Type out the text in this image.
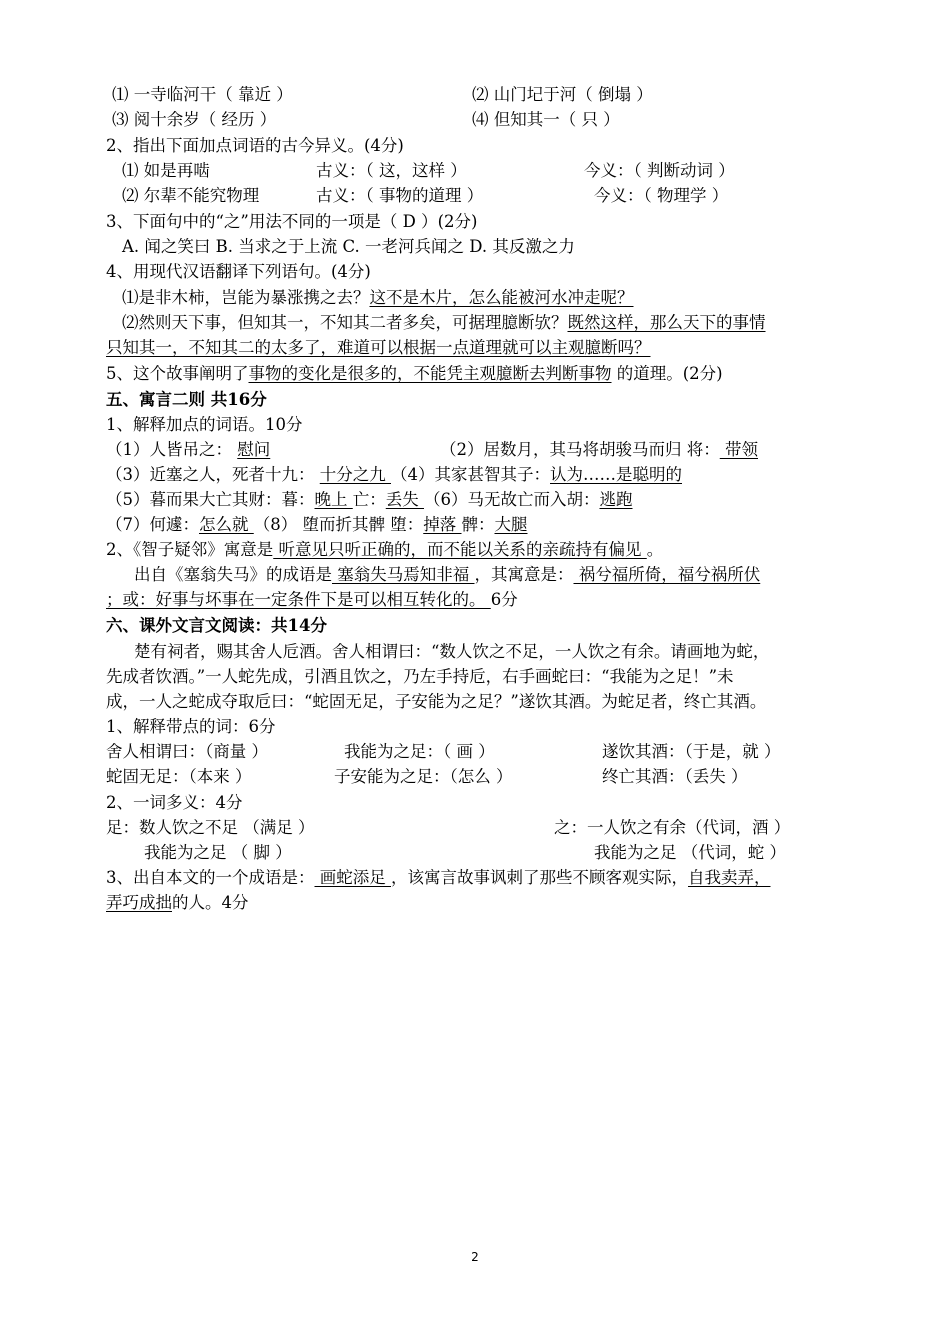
⑴ 一寺临河干（ 靠近 ）	⑵ 山门圮于河（ 倒塌 ）
⑶ 阅十余岁（ 经历 ）	⑷ 但知其一（ 只 ）
2、指出下面加点词语的古今异义。(4分)
⑴ 如是再啮	古义：（ 这，这样 ）	今义：（ 判断动词 ）
⑵ 尔辈不能究物理	古义：（ 事物的道理 ）	今义：（ 物理学 ）
3、下面句中的“之”用法不同的一项是（ D ）(2分)
A. 闻之笑曰 B. 当求之于上流 C. 一老河兵闻之 D. 其反激之力
4、用现代汉语翻译下列语句。(4分)
⑴是非木柿，岂能为暴涨携之去？这不是木片，怎么能被河水冲走呢？
⑵然则天下事，但知其一，不知其二者多矣，可据理臆断欤？既然这样，那么天下的事情
只知其一，不知其二的太多了，难道可以根据一点道理就可以主观臆断吗？
5、这个故事阐明了事物的变化是很多的，不能凭主观臆断去判断事物 的道理。(2分)
五、寓言二则 共16分
1、解释加点的词语。10分
（1）人皆吊之： 慰问	（2）居数月，其马将胡骏马而归 将： 带领
（3）近塞之人，死者十九： 十分之九 （4）其家甚智其子：认为……是聪明的
（5）暮而果大亡其财：暮：晚上 亡：丢失 （6）马无故亡而入胡：逃跑
（7）何遽：怎么就 （8） 堕而折其髀 堕：掉落 髀：大腿
2、《智子疑邻》寓意是 听意见只听正确的，而不能以关系的亲疏持有偏见 。
出自《塞翁失马》的成语是 塞翁失马焉知非福 ，其寓意是： 祸兮福所倚，福兮祸所伏
；或：好事与坏事在一定条件下是可以相互转化的。 6分
六、课外文言文阅读：共14分
楚有祠者，赐其舍人卮酒。舍人相谓曰：“数人饮之不足，一人饮之有余。请画地为蛇，
先成者饮酒。”一人蛇先成，引酒且饮之，乃左手持卮，右手画蛇曰：“我能为之足！”未
成，一人之蛇成夺取卮曰：“蛇固无足，子安能为之足？”遂饮其酒。为蛇足者，终亡其酒。
1、解释带点的词：6分
舍人相谓曰：（商量 ）	我能为之足：（ 画 ）	遂饮其酒：（于是，就 ）
蛇固无足：（本来 ）	子安能为之足：（怎么 ）	终亡其酒：（丢失 ）
2、一词多义：4分
足：数人饮之不足 （满足 ）	之：一人饮之有余（代词，酒 ）
我能为之足 （ 脚 ）	我能为之足 （代词，蛇 ）
3、出自本文的一个成语是： 画蛇添足 ，该寓言故事讽刺了那些不顾客观实际，自我卖弄，
弄巧成拙的人。4分
2
